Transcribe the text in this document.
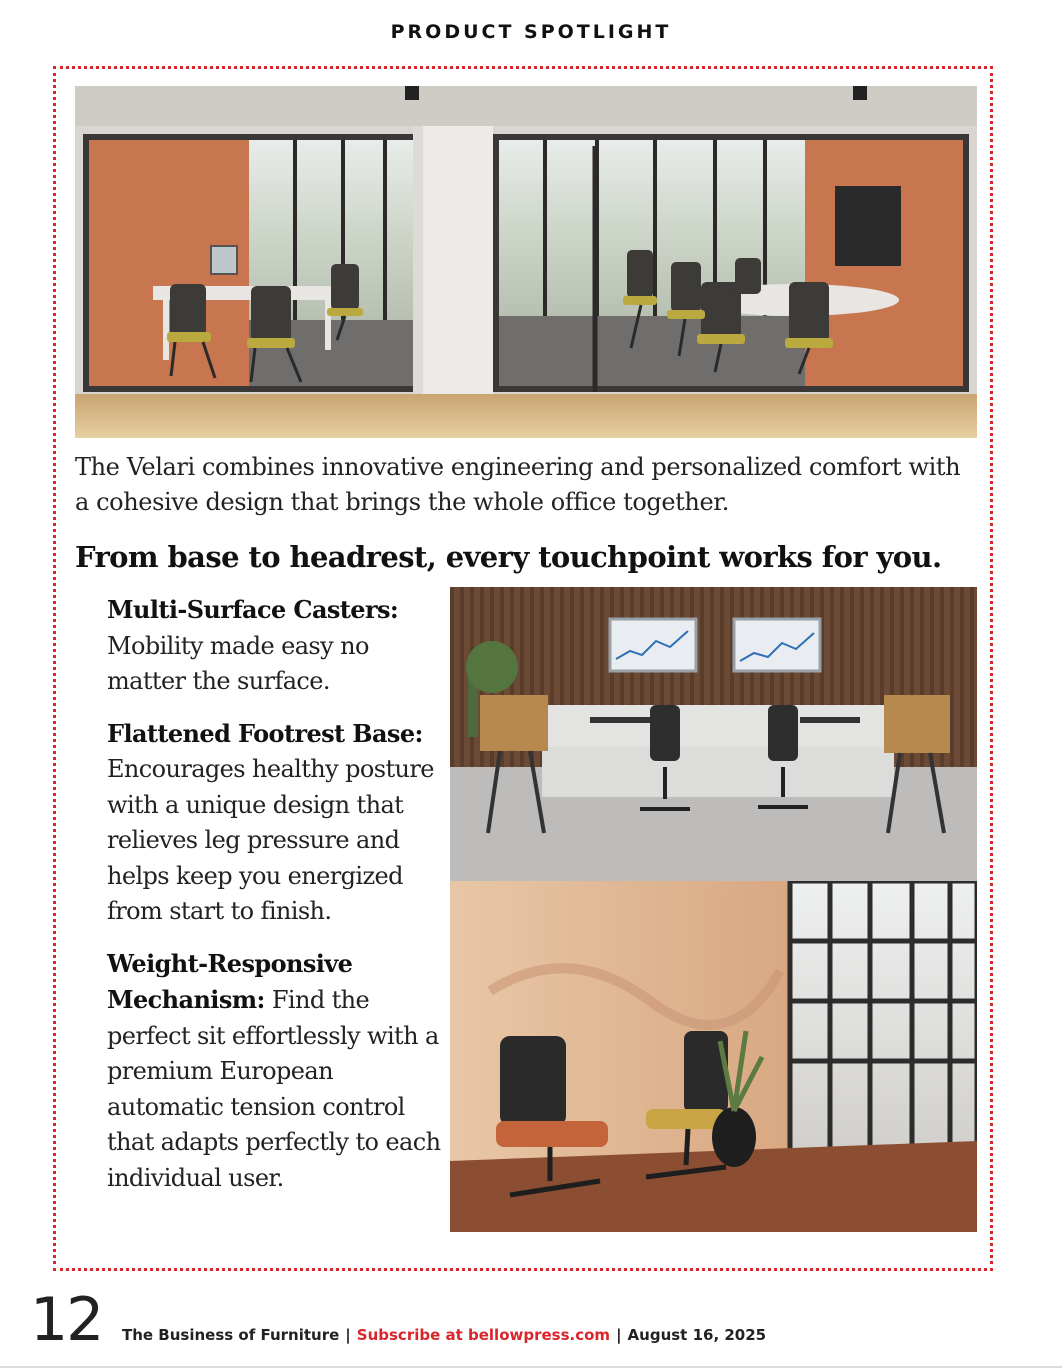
PRODUCT SPOTLIGHT
The Velari combines innovative engineering and personalized comfort with a cohesive design that brings the whole office together.
From base to headrest, every touchpoint works for you.

Multi-Surface Casters: Mobility made easy no matter the surface.

Flattened Footrest Base: Encourages healthy posture with a unique design that relieves leg pressure and helps keep you energized from start to finish.

Weight-Responsive Mechanism: Find the perfect sit effortlessly with a premium European automatic tension control that adapts perfectly to each individual user.

12 The Business of Furniture | Subscribe at bellowpress.com | August 16, 2025
